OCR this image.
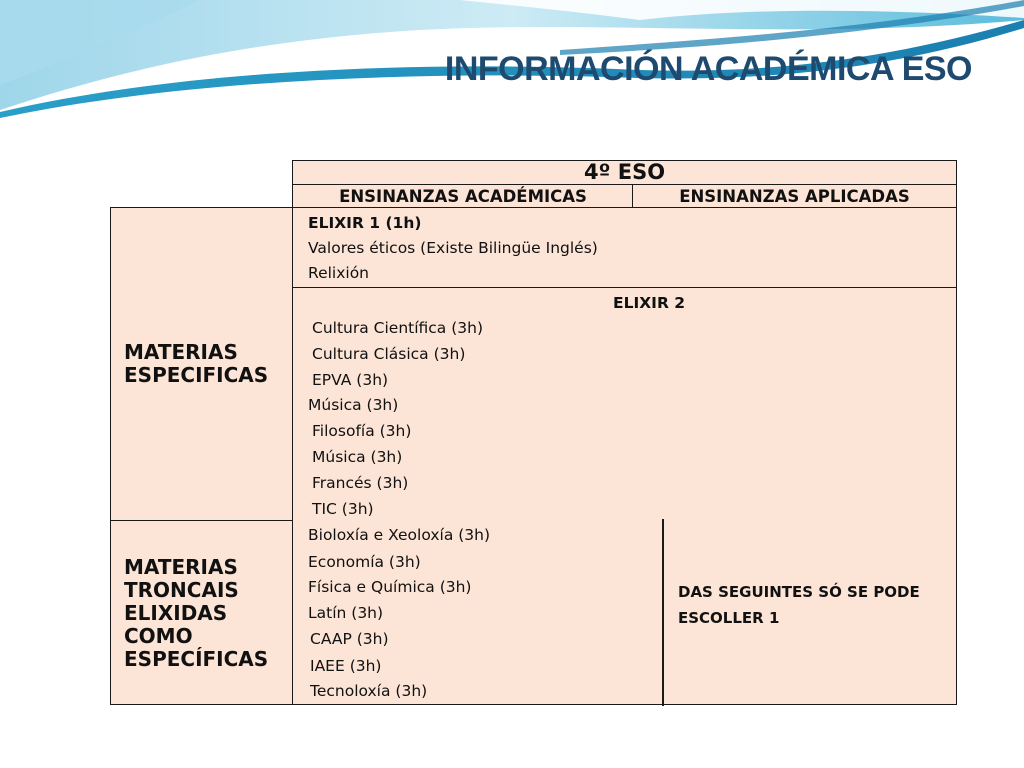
INFORMACIÓN ACADÉMICA ESO
4º ESO
ENSINANZAS ACADÉMICAS	ENSINANZAS APLICADAS
MATERIAS
ESPECIFICAS
MATERIAS
TRONCAIS
ELIXIDAS
COMO
ESPECÍFICAS
ELIXIR 1 (1h)
Valores éticos (Existe Bilingüe Inglés)
Relixión
ELIXIR 2
Cultura Científica (3h)
Cultura Clásica (3h)
EPVA (3h)
Música (3h)
Filosofía (3h)
Música (3h)
Francés (3h)
TIC (3h)
Bioloxía e Xeoloxía (3h)
Economía (3h)
Física e Química (3h)
Latín (3h)
CAAP (3h)
IAEE (3h)
Tecnoloxía (3h)
DAS SEGUINTES SÓ SE PODE
ESCOLLER 1
